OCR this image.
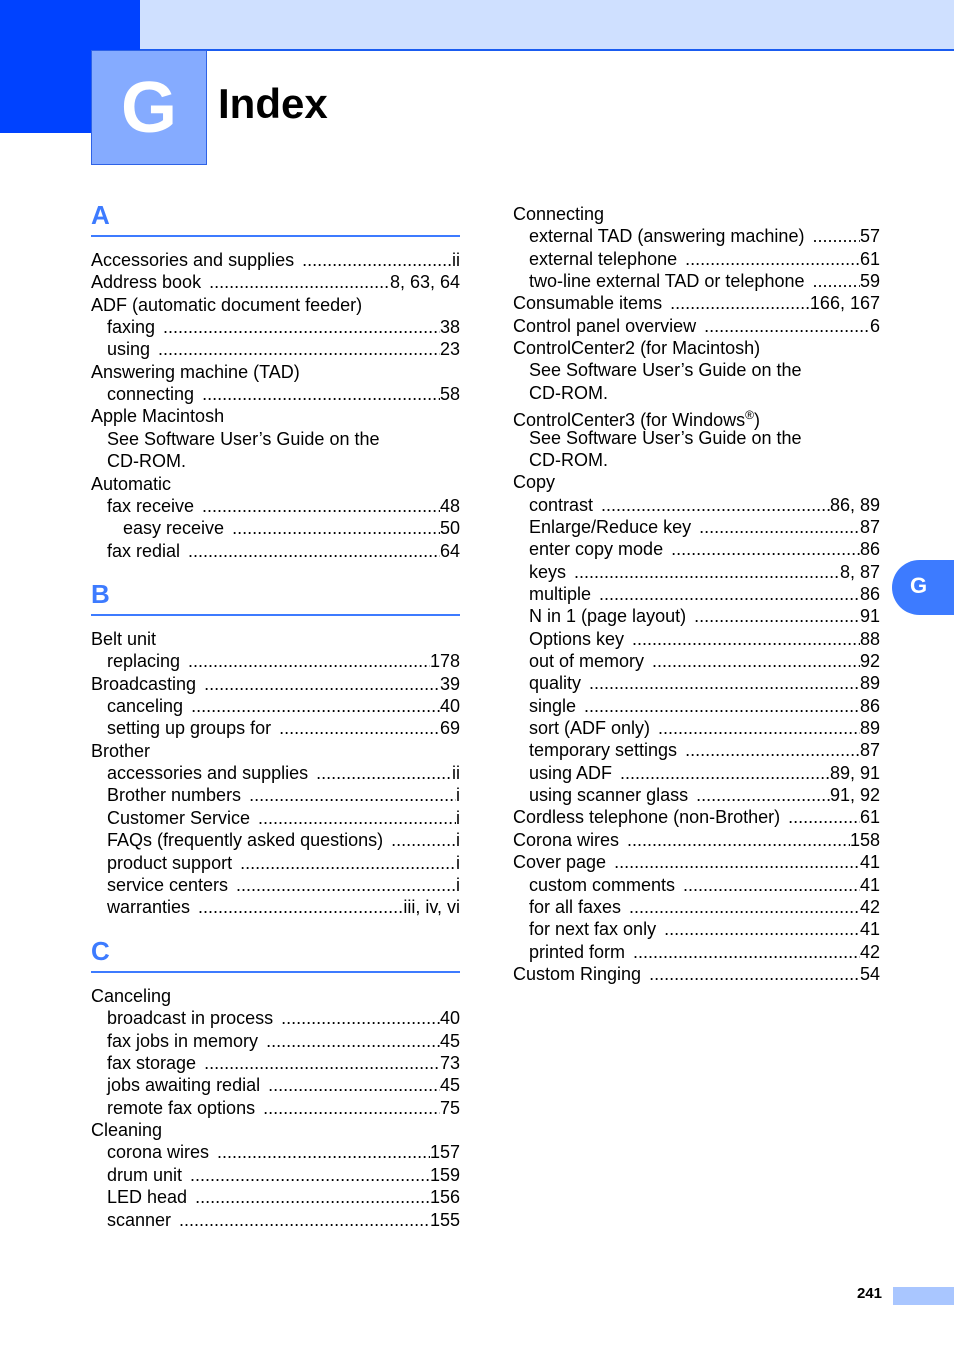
G Index
A
Accessories and supplies .....	ii
Address book .....	8, 63, 64
ADF (automatic document feeder)
faxing .....	38
using .....	23
Answering machine (TAD)
connecting .....	58
Apple Macintosh
See Software User’s Guide on the
CD-ROM.
Automatic
fax receive .....	48
easy receive .....	50
fax redial .....	64
B
Belt unit
replacing .....	178
Broadcasting .....	39
canceling .....	40
setting up groups for .....	69
Brother
accessories and supplies .....	ii
Brother numbers .....	i
Customer Service .....	i
FAQs (frequently asked questions) .....	i
product support .....	i
service centers .....	i
warranties .....	iii, iv, vi
C
Canceling
broadcast in process .....	40
fax jobs in memory .....	45
fax storage .....	73
jobs awaiting redial .....	45
remote fax options .....	75
Cleaning
corona wires .....	157
drum unit .....	159
LED head .....	156
scanner .....	155
Connecting
external TAD (answering machine) .....	57
external telephone .....	61
two-line external TAD or telephone .....	59
Consumable items .....	166, 167
Control panel overview .....	6
ControlCenter2 (for Macintosh)
See Software User’s Guide on the
CD-ROM.
ControlCenter3 (for Windows®)
See Software User’s Guide on the
CD-ROM.
Copy
contrast .....	86, 89
Enlarge/Reduce key .....	87
enter copy mode .....	86
keys .....	8, 87
multiple .....	86
N in 1 (page layout) .....	91
Options key .....	88
out of memory .....	92
quality .....	89
single .....	86
sort (ADF only) .....	89
temporary settings .....	87
using ADF .....	89, 91
using scanner glass .....	91, 92
Cordless telephone (non-Brother) .....	61
Corona wires .....	158
Cover page .....	41
custom comments .....	41
for all faxes .....	42
for next fax only .....	41
printed form .....	42
Custom Ringing .....	54
G
241
